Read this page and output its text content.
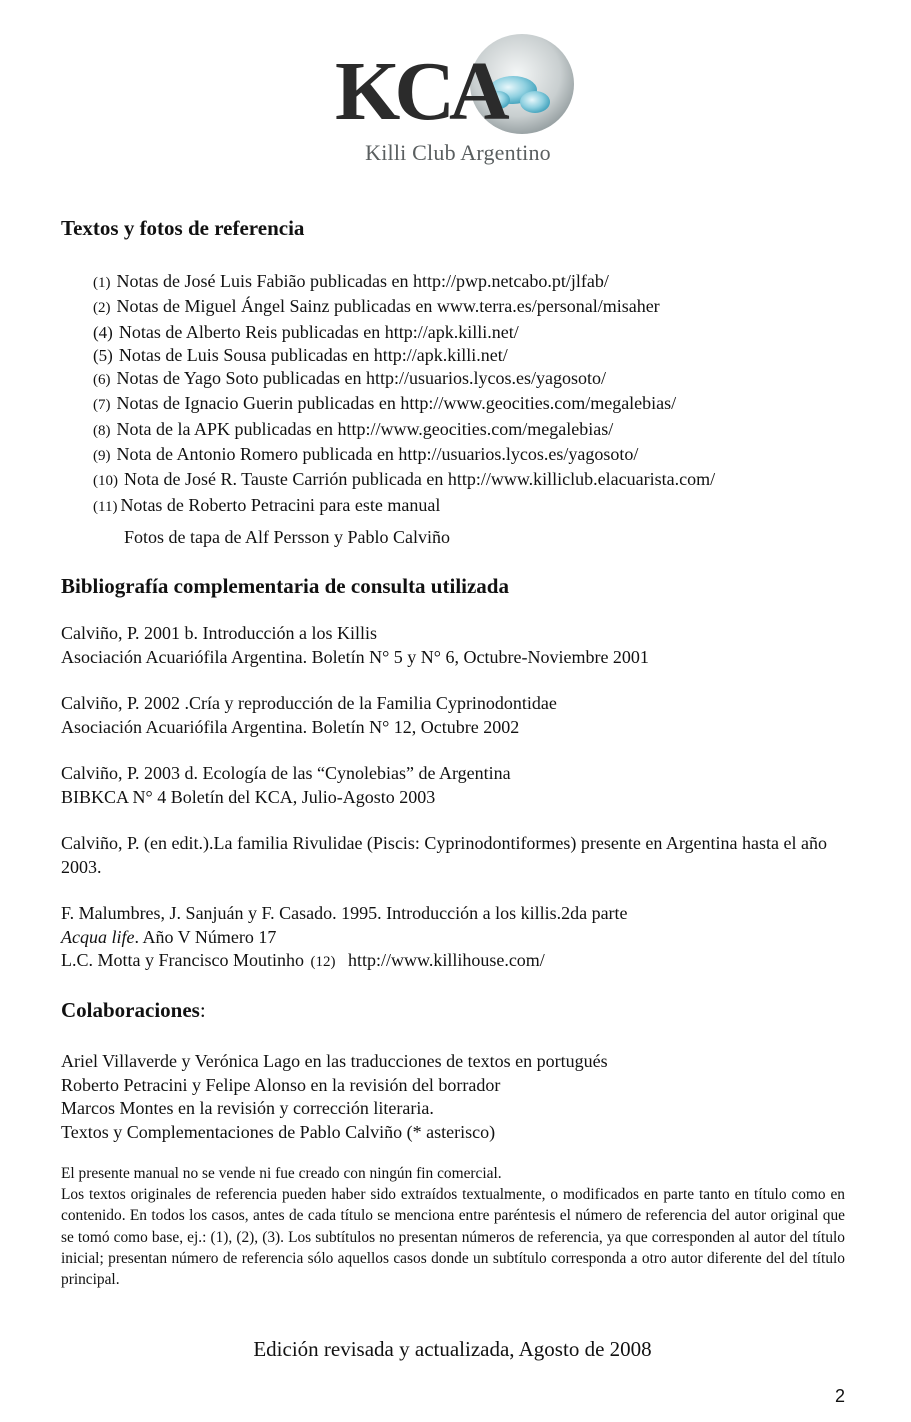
KCA
Killi Club Argentino
Textos y fotos de referencia
(1) Notas de José Luis Fabião publicadas en http://pwp.netcabo.pt/jlfab/
(2) Notas de Miguel Ángel Sainz publicadas en www.terra.es/personal/misaher
(4) Notas de Alberto Reis publicadas en http://apk.killi.net/
(5) Notas de Luis Sousa publicadas en http://apk.killi.net/
(6) Notas de Yago Soto publicadas en http://usuarios.lycos.es/yagosoto/
(7) Notas de Ignacio Guerin publicadas en http://www.geocities.com/megalebias/
(8) Nota de la APK publicadas en http://www.geocities.com/megalebias/
(9) Nota de Antonio Romero publicada en http://usuarios.lycos.es/yagosoto/
(10) Nota de José R. Tauste Carrión publicada en http://www.killiclub.elacuarista.com/
(11) Notas de Roberto Petracini para este manual
Fotos de tapa de Alf Persson y Pablo Calviño
Bibliografía complementaria de consulta utilizada
Calviño, P. 2001 b. Introducción a los Killis
Asociación Acuariófila Argentina. Boletín N° 5 y N° 6, Octubre-Noviembre 2001
Calviño, P. 2002 .Cría y reproducción de la Familia Cyprinodontidae
Asociación Acuariófila Argentina. Boletín N° 12, Octubre 2002
Calviño, P. 2003 d. Ecología de las “Cynolebias” de Argentina
BIBKCA N° 4 Boletín del KCA, Julio-Agosto 2003
Calviño, P. (en edit.).La familia Rivulidae (Piscis: Cyprinodontiformes) presente en Argentina hasta el año 2003.
F. Malumbres, J. Sanjuán y F. Casado. 1995. Introducción a los killis.2da parte
Acqua life. Año V Número 17
L.C. Motta y Francisco Moutinho (12) http://www.killihouse.com/
Colaboraciones:
Ariel Villaverde y Verónica Lago en las traducciones de textos en portugués
Roberto Petracini y Felipe Alonso en la revisión del borrador
Marcos Montes en la revisión y corrección literaria.
Textos y Complementaciones de Pablo Calviño (* asterisco)

El presente manual no se vende ni fue creado con ningún fin comercial.

Los textos originales de referencia pueden haber sido extraídos textualmente, o modificados en parte tanto en título como en contenido. En todos los casos, antes de cada título se menciona entre paréntesis el número de referencia del autor original que se tomó como base, ej.: (1), (2), (3). Los subtítulos no presentan números de referencia, ya que corresponden al autor del título inicial; presentan número de referencia sólo aquellos casos donde un subtítulo corresponda a otro autor diferente del del título principal.

Edición revisada y actualizada, Agosto de 2008
2
